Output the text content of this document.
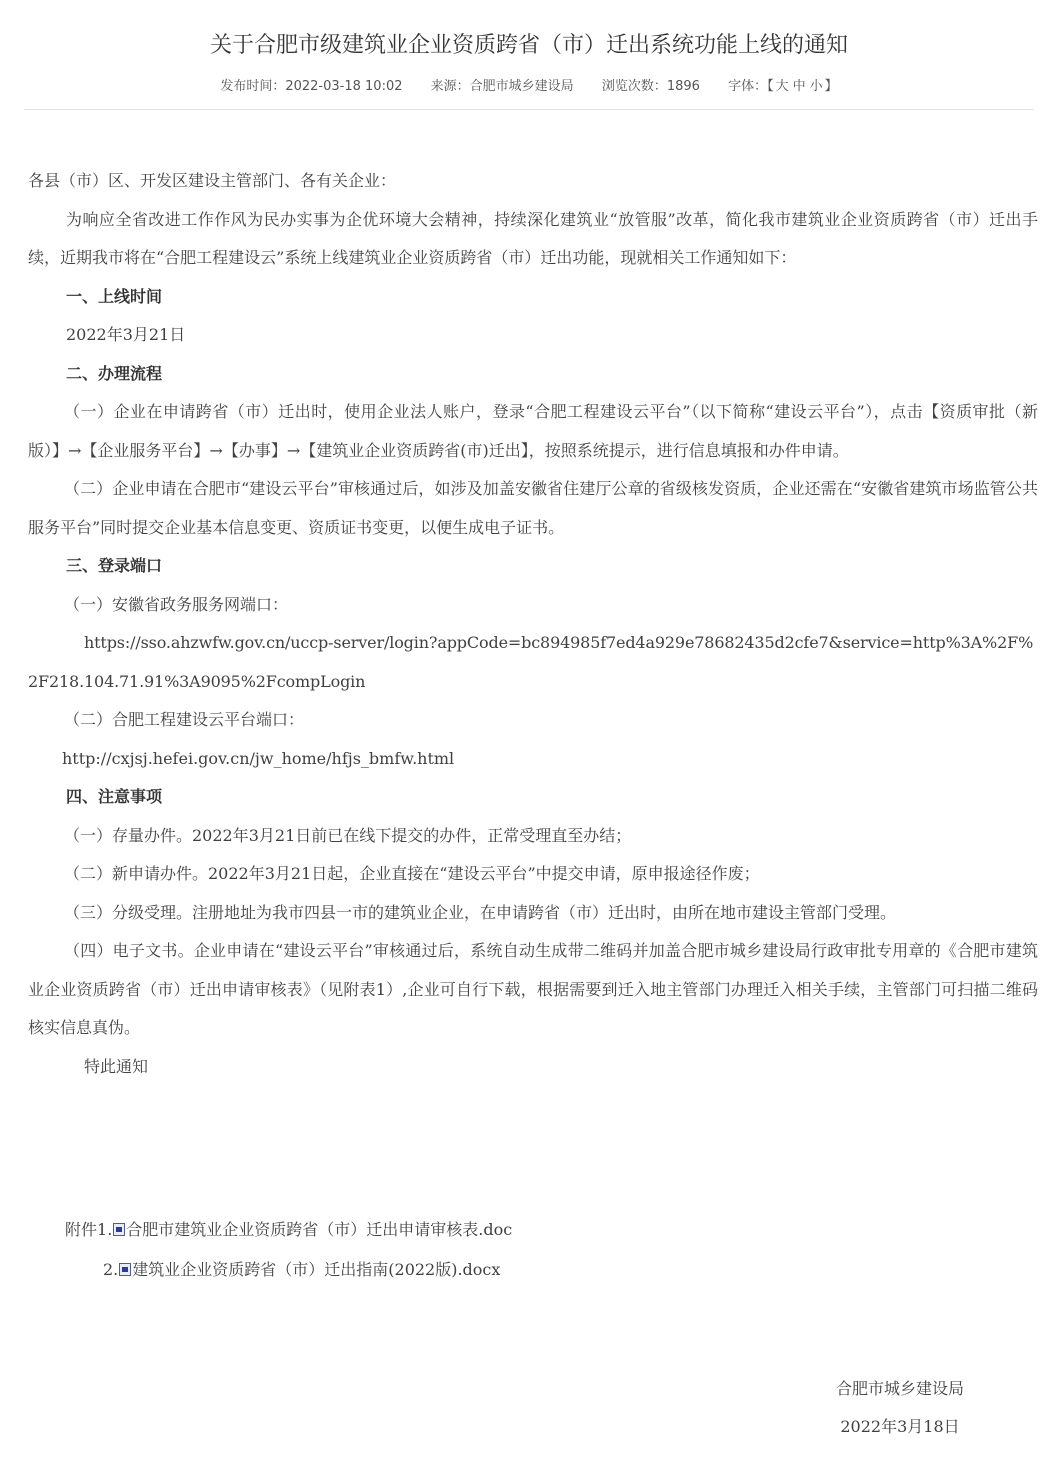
关于合肥市级建筑业企业资质跨省（市）迁出系统功能上线的通知
发布时间：2022-03-18 10:02 来源：合肥市城乡建设局 浏览次数：1896 字体：【 大 中 小 】

各县（市）区、开发区建设主管部门、各有关企业：

为响应全省改进工作作风为民办实事为企优环境大会精神，持续深化建筑业“放管服”改革，简化我市建筑业企业资质跨省（市）迁出手续，近期我市将在“合肥工程建设云”系统上线建筑业企业资质跨省（市）迁出功能，现就相关工作通知如下：

一、上线时间

2022年3月21日

二、办理流程

（一）企业在申请跨省（市）迁出时，使用企业法人账户，登录“合肥工程建设云平台”（以下简称“建设云平台”），点击【资质审批（新版）】→【企业服务平台】→【办事】→【建筑业企业资质跨省(市)迁出】，按照系统提示，进行信息填报和办件申请。

（二）企业申请在合肥市“建设云平台”审核通过后，如涉及加盖安徽省住建厅公章的省级核发资质，企业还需在“安徽省建筑市场监管公共服务平台”同时提交企业基本信息变更、资质证书变更，以便生成电子证书。

三、登录端口

（一）安徽省政务服务网端口：

https://sso.ahzwfw.gov.cn/uccp-server/login?appCode=bc894985f7ed4a929e78682435d2cfe7&service=http%3A%2F%2F218.104.71.91%3A9095%2FcompLogin

（二）合肥工程建设云平台端口：

http://cxjsj.hefei.gov.cn/jw_home/hfjs_bmfw.html

四、注意事项

（一）存量办件。2022年3月21日前已在线下提交的办件，正常受理直至办结；

（二）新申请办件。2022年3月21日起，企业直接在“建设云平台”中提交申请，原申报途径作废；

（三）分级受理。注册地址为我市四县一市的建筑业企业，在申请跨省（市）迁出时，由所在地市建设主管部门受理。

（四）电子文书。企业申请在“建设云平台”审核通过后，系统自动生成带二维码并加盖合肥市城乡建设局行政审批专用章的《合肥市建筑业企业资质跨省（市）迁出申请审核表》（见附表1）,企业可自行下载，根据需要到迁入地主管部门办理迁入相关手续，主管部门可扫描二维码核实信息真伪。

特此通知

附件1. 合肥市建筑业企业资质跨省（市）迁出申请审核表.doc
2. 建筑业企业资质跨省（市）迁出指南(2022版).docx
合肥市城乡建设局
2022年3月18日
